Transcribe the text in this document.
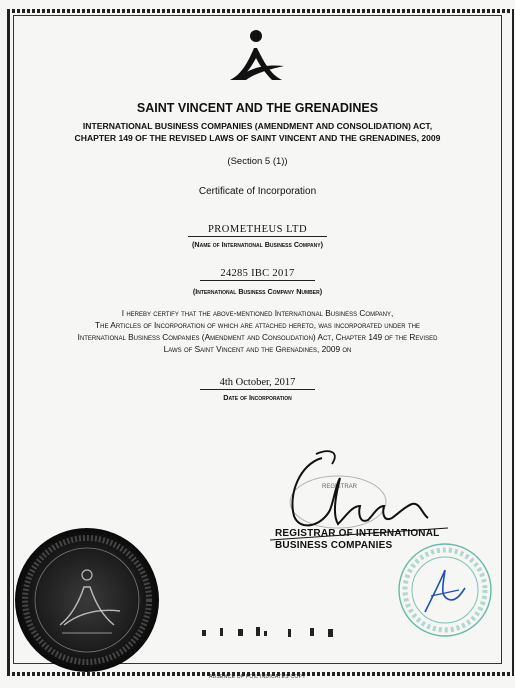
SAINT VINCENT AND THE GRENADINES
INTERNATIONAL BUSINESS COMPANIES (AMENDMENT AND CONSOLIDATION) ACT,
CHAPTER 149 OF THE REVISED LAWS OF SAINT VINCENT AND THE GRENADINES, 2009
(Section 5 (1))
Certificate of Incorporation
PROMETHEUS LTD
(Name of International Business Company)
24285 IBC 2017
(International Business Company Number)
I hereby certify that the above-mentioned International Business Company,
The Articles of Incorporation of which are attached hereto, was incorporated under the
International Business Companies (Amendment and Consolidation) Act, Chapter 149 of the Revised
Laws of Saint Vincent and the Grenadines, 2009 on
4th October, 2017
Date of Incorporation
REGISTRAR
REGISTRAR OF INTERNATIONAL
BUSINESS COMPANIES
ABSENCE OF FOIL INDICATES COPY
